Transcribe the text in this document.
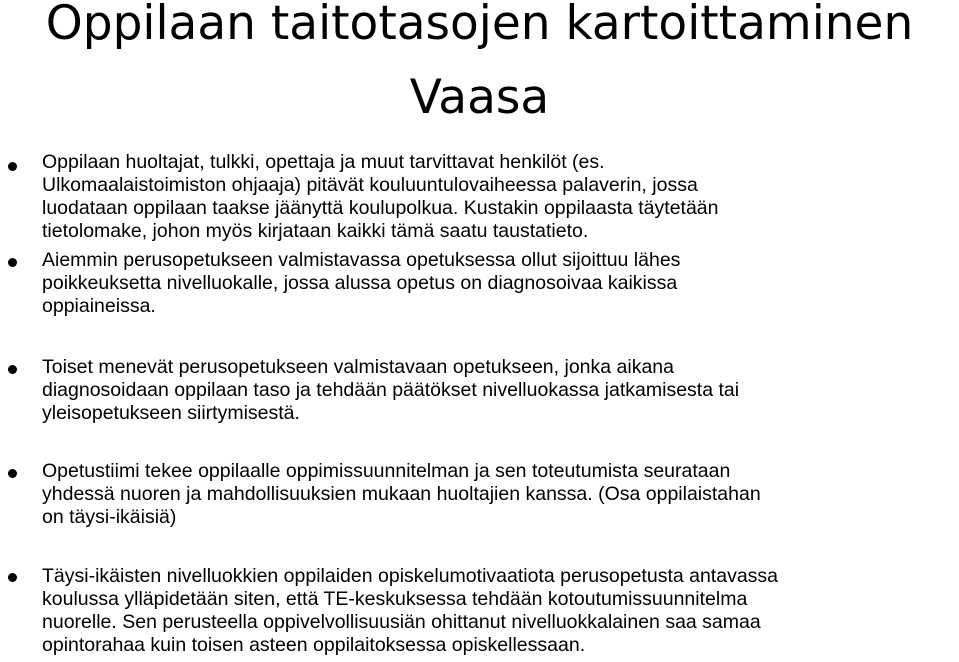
Oppilaan taitotasojen kartoittaminen
Vaasa

Oppilaan huoltajat, tulkki, opettaja ja muut tarvittavat henkilöt (es.
Ulkomaalaistoimiston ohjaaja) pitävät kouluuntulovaiheessa palaverin, jossa
luodataan oppilaan taakse jäänyttä koulupolkua. Kustakin oppilaasta täytetään
tietolomake, johon myös kirjataan kaikki tämä saatu taustatieto.

Aiemmin perusopetukseen valmistavassa opetuksessa ollut sijoittuu lähes
poikkeuksetta nivelluokalle, jossa alussa opetus on diagnosoivaa kaikissa
oppiaineissa.

Toiset menevät perusopetukseen valmistavaan opetukseen, jonka aikana
diagnosoidaan oppilaan taso ja tehdään päätökset nivelluokassa jatkamisesta tai
yleisopetukseen siirtymisestä.

Opetustiimi tekee oppilaalle oppimissuunnitelman ja sen toteutumista seurataan
yhdessä nuoren ja mahdollisuuksien mukaan huoltajien kanssa. (Osa oppilaistahan
on täysi-ikäisiä)

Täysi-ikäisten nivelluokkien oppilaiden opiskelumotivaatiota perusopetusta antavassa
koulussa ylläpidetään siten, että TE-keskuksessa tehdään kotoutumissuunnitelma
nuorelle. Sen perusteella oppivelvollisuusiän ohittanut nivelluokkalainen saa samaa
opintorahaa kuin toisen asteen oppilaitoksessa opiskellessaan.
